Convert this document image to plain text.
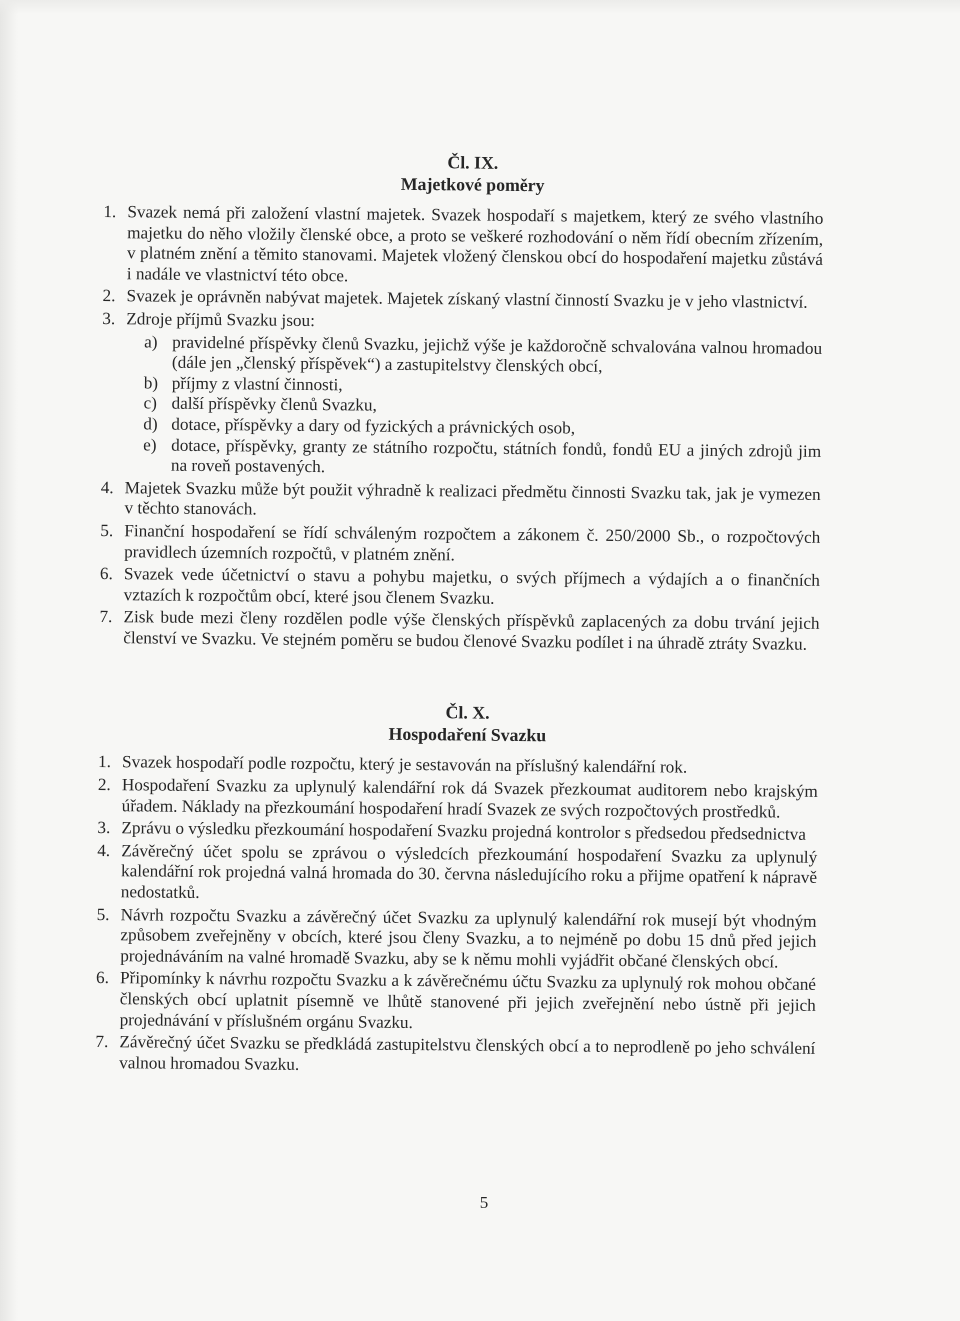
Čl. IX.
Majetkové poměry
1. Svazek nemá při založení vlastní majetek. Svazek hospodaří s majetkem, který ze svého vlastního majetku do něho vložily členské obce, a proto se veškeré rozhodování o něm řídí obecním zřízením, v platném znění a těmito stanovami. Majetek vložený členskou obcí do hospodaření majetku zůstává i nadále ve vlastnictví této obce.
2. Svazek je oprávněn nabývat majetek. Majetek získaný vlastní činností Svazku je v jeho vlastnictví.
3. Zdroje příjmů Svazku jsou:
a) pravidelné příspěvky členů Svazku, jejichž výše je každoročně schvalována valnou hromadou (dále jen „členský příspěvek“) a zastupitelstvy členských obcí,
b) příjmy z vlastní činnosti,
c) další příspěvky členů Svazku,
d) dotace, příspěvky a dary od fyzických a právnických osob,
e) dotace, příspěvky, granty ze státního rozpočtu, státních fondů, fondů EU a jiných zdrojů jim na roveň postavených.
4. Majetek Svazku může být použit výhradně k realizaci předmětu činnosti Svazku tak, jak je vymezen v těchto stanovách.
5. Finanční hospodaření se řídí schváleným rozpočtem a zákonem č. 250/2000 Sb., o rozpočtových pravidlech územních rozpočtů, v platném znění.
6. Svazek vede účetnictví o stavu a pohybu majetku, o svých příjmech a výdajích a o finančních vztazích k rozpočtům obcí, které jsou členem Svazku.
7. Zisk bude mezi členy rozdělen podle výše členských příspěvků zaplacených za dobu trvání jejich členství ve Svazku. Ve stejném poměru se budou členové Svazku podílet i na úhradě ztráty Svazku.
Čl. X.
Hospodaření Svazku
1. Svazek hospodaří podle rozpočtu, který je sestavován na příslušný kalendářní rok.
2. Hospodaření Svazku za uplynulý kalendářní rok dá Svazek přezkoumat auditorem nebo krajským úřadem. Náklady na přezkoumání hospodaření hradí Svazek ze svých rozpočtových prostředků.
3. Zprávu o výsledku přezkoumání hospodaření Svazku projedná kontrolor s předsedou předsednictva
4. Závěrečný účet spolu se zprávou o výsledcích přezkoumání hospodaření Svazku za uplynulý kalendářní rok projedná valná hromada do 30. června následujícího roku a přijme opatření k nápravě nedostatků.
5. Návrh rozpočtu Svazku a závěrečný účet Svazku za uplynulý kalendářní rok musejí být vhodným způsobem zveřejněny v obcích, které jsou členy Svazku, a to nejméně po dobu 15 dnů před jejich projednáváním na valné hromadě Svazku, aby se k němu mohli vyjádřit občané členských obcí.
6. Připomínky k návrhu rozpočtu Svazku a k závěrečnému účtu Svazku za uplynulý rok mohou občané členských obcí uplatnit písemně ve lhůtě stanovené při jejich zveřejnění nebo ústně při jejich projednávání v příslušném orgánu Svazku.
7. Závěrečný účet Svazku se předkládá zastupitelstvu členských obcí a to neprodleně po jeho schválení valnou hromadou Svazku.
5
